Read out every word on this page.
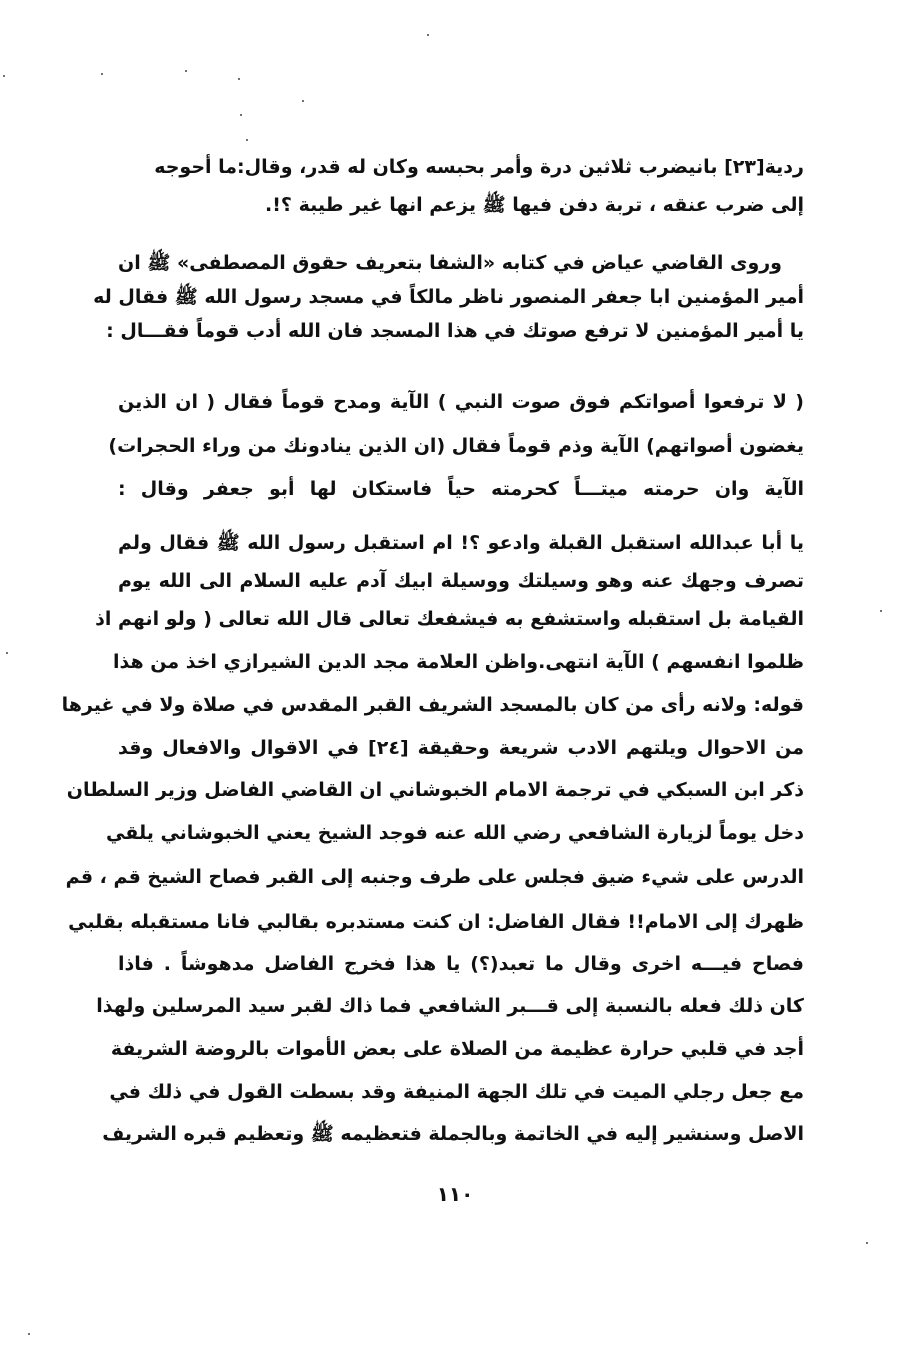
ردية[٢٣] بانيضرب ثلاثين درة وأمر بحبسه وكان له قدر، وقال:ما أحوجه
إلى ضرب عنقه ، تربة دفن فيها ﷺ يزعم انها غير طيبة ؟!.
وروى القاضي عياض في كتابه «الشفا بتعريف حقوق المصطفى» ﷺ ان
أمير المؤمنين ابا جعفر المنصور ناظر مالكاً في مسجد رسول الله ﷺ فقال له
يا أمير المؤمنين لا ترفع صوتك في هذا المسجد فان الله أدب قوماً فقـــال :
( لا ترفعوا أصواتكم فوق صوت النبي ) الآية ومدح قوماً فقال ( ان الذين
يغضون أصواتهم) الآية وذم قوماً فقال (ان الذين ينادونك من وراء الحجرات)
الآية وان حرمته ميتـــاً كحرمته حياً فاستكان لها أبو جعفر وقال :
يا أبا عبدالله استقبل القبلة وادعو ؟! ام استقبل رسول الله ﷺ فقال ولم
تصرف وجهك عنه وهو وسيلتك ووسيلة ابيك آدم عليه السلام الى الله يوم
القيامة بل استقبله واستشفع به فيشفعك تعالى قال الله تعالى ( ولو انهم اذ
ظلموا انفسهم ) الآية انتهى.واظن العلامة مجد الدين الشيرازي اخذ من هذا
قوله: ولانه رأى من كان بالمسجد الشريف القبر المقدس في صلاة ولا في غيرها
من الاحوال ويلتهم الادب شريعة وحقيقة [٢٤] في الاقوال والافعال وقد
ذكر ابن السبكي في ترجمة الامام الخبوشاني ان القاضي الفاضل وزير السلطان
دخل يوماً لزيارة الشافعي رضي الله عنه فوجد الشيخ يعني الخبوشاني يلقي
الدرس على شيء ضيق فجلس على طرف وجنبه إلى القبر فصاح الشيخ قم ، قم
ظهرك إلى الامام!! فقال الفاضل: ان كنت مستدبره بقالبي فانا مستقبله بقلبي
فصاح فيـــه اخرى وقال ما تعبد(؟) يا هذا فخرج الفاضل مدهوشاً . فاذا
كان ذلك فعله بالنسبة إلى قـــبر الشافعي فما ذاك لقبر سيد المرسلين ولهذا
أجد في قلبي حرارة عظيمة من الصلاة على بعض الأموات بالروضة الشريفة
مع جعل رجلي الميت في تلك الجهة المنيفة وقد بسطت القول في ذلك في
الاصل وسنشير إليه في الخاتمة وبالجملة فتعظيمه ﷺ وتعظيم قبره الشريف
١١٠
